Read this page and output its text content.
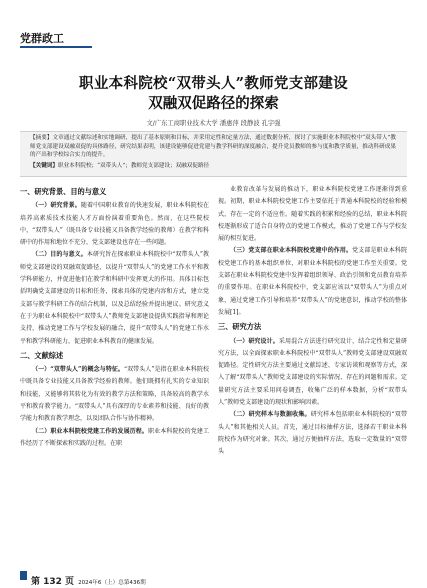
党群政工
职业本科院校“双带头人”教师党支部建设
双融双促路径的探索
文/广东工商职业技术大学 潘惠萍 段静波 孔宇强
【摘要】文章通过文献综述和实地调研，提出了基本原则和目标，并采用定性和定量方法，通过数据分析，探讨了实施职业本科院校中“双头带人”教师党支部建设双融双促的具体路径，研究结果表明，该建设能够促进党建与教学科研的深度融合，提升党员教师的参与度和教学质量，推动科研成果的产出和学校综合实力的提升。
【关键词】职业本科院校；“双带头人”；教师党支部建设；双融双促路径
一、研究背景、目的与意义

（一）研究背景。随着中国职业教育的快速发展，职业本科院校在培养高素质技术技能人才方面扮演着重要角色。然而，在这些院校中，“双带头人”（既具备专业技能又具备教学经验的教师）在教学和科研中的作用和地位不充分，党支部建设也存在一些问题。

（二）目的与意义。本研究旨在探索职业本科院校中“双带头人”教师党支部建设的双融双促路径，以提升“双带头人”的党建工作水平和教学科研能力，并促进他们在教学和科研中发挥更大的作用。具体目标包括明确党支部建设的目标和任务，探索具体的党建内容和方式，建立党支部与教学科研工作的结合机制，以及总结经验并提出建议。研究意义在于为职业本科院校中“双带头人”教师党支部建设提供实践指导和理论支持，推动党建工作与学校发展的融合，提升“双带头人”的党建工作水平和教学科研能力，促进职业本科教育的健康发展。

二、文献综述

（一）“双带头人”的概念与特征。“双带头人”是指在职业本科院校中既具备专业技能又具备教学经验的教师。他们既拥有扎实的专业知识和技能，又能够将其转化为有效的教学方法和策略，具备较高的教学水平和教育教学能力。“双带头人”具有深厚的专业素养和技能、良好的教学能力和教育教学理念，以及团队合作与协作精神。

（二）职业本科院校党建工作的发展历程。职业本科院校的党建工作经历了不断探索和实践的过程。在职

业教育改革与发展的推动下，职业本科院校党建工作逐渐得到重视。初期，职业本科院校党建工作主要依托于普通本科院校的经验和模式，存在一定的不适应性。随着实践的积累和经验的总结，职业本科院校逐渐形成了适合自身特点的党建工作模式，推动了党建工作与学校发展的相互促进。

（三）党支部在职业本科院校党建中的作用。党支部是职业本科院校党建工作的基本组织单位，对职业本科院校的党建工作至关重要。党支部在职业本科院校党建中发挥着组织领导、政治引领和党员教育培养的重要作用。在职业本科院校中，党支部应该以“双带头人”为重点对象，通过党建工作引导和培养“双带头人”的党建意识，推动学校的整体发展[1]。

三、研究方法

（一）研究设计。采用混合方法进行研究设计，结合定性和定量研究方法，以全面探索职业本科院校中“双带头人”教师党支部建设双融双促路径。定性研究方法主要通过文献综述、专家访谈和观察等方式，深入了解“双带头人”教师党支部建设的实际情况、存在的问题和需求。定量研究方法主要采用问卷调查，收集广泛的样本数据，分析“双带头人”教师党支部建设的现状和影响因素。

（二）研究样本与数据收集。研究样本包括职业本科院校的“双带头人”和其他相关人员。首先，通过目标抽样方法，选择若干职业本科院校作为研究对象。其次，通过方便抽样方法，选取一定数量的“双带头

第 132 页 2024年6（上）总第436期
